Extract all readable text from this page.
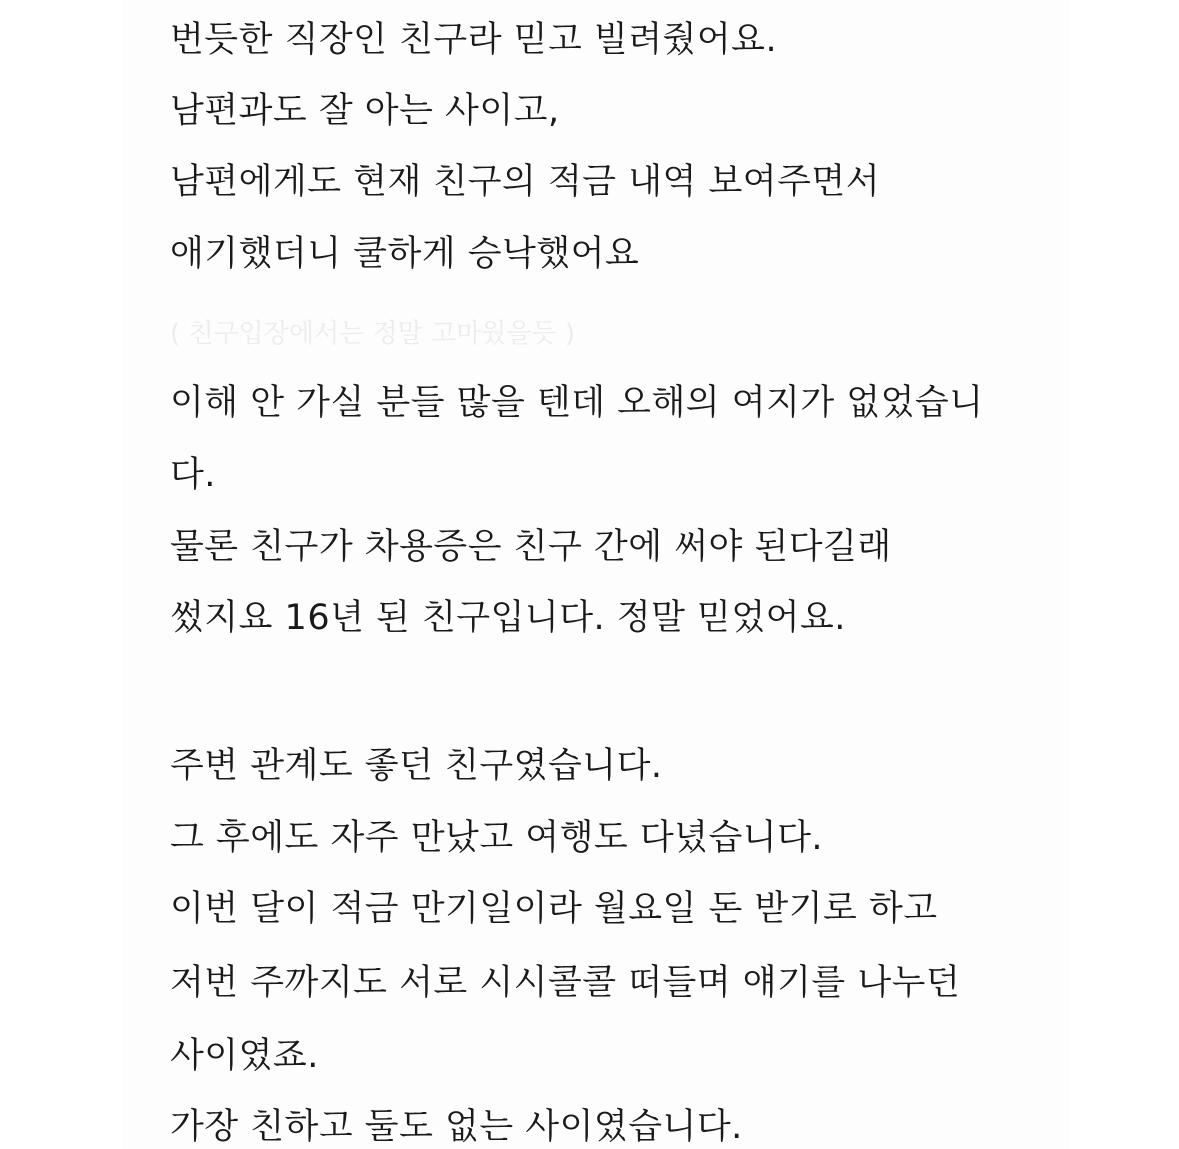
번듯한 직장인 친구라 믿고 빌려줬어요.
남편과도 잘 아는 사이고,
남편에게도 현재 친구의 적금 내역 보여주면서
애기했더니 쿨하게 승낙했어요
( 친구입장에서는 정말 고마웠을듯 )
이해 안 가실 분들 많을 텐데 오해의 여지가 없었습니
다.
물론 친구가 차용증은 친구 간에 써야 된다길래
썼지요 16년 된 친구입니다. 정말 믿었어요.
주변 관계도 좋던 친구였습니다.
그 후에도 자주 만났고 여행도 다녔습니다.
이번 달이 적금 만기일이라 월요일 돈 받기로 하고
저번 주까지도 서로 시시콜콜 떠들며 얘기를 나누던
사이였죠.
가장 친하고 둘도 없는 사이였습니다.
